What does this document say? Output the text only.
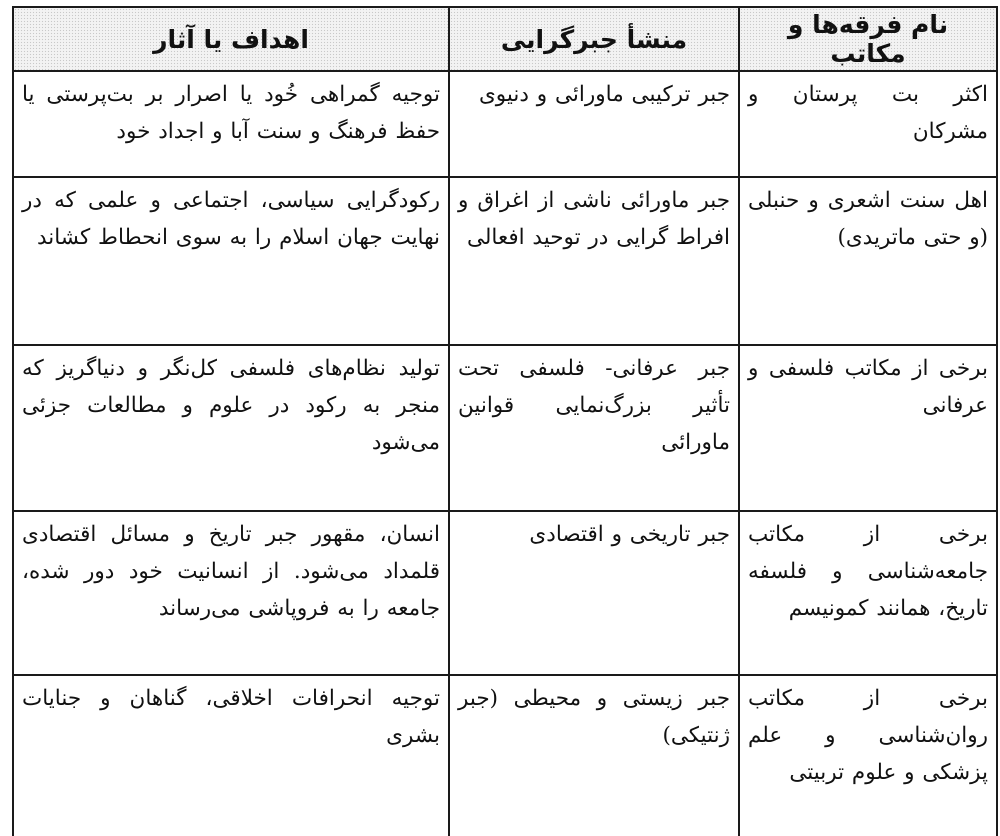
نام فرقه‌ها و مکاتب	منشأ جبرگرایی	اهداف یا آثار
اکثر بت پرستان و مشرکان	جبر ترکیبی ماورائی و دنیوی	توجیه گمراهی خُود یا اصرار بر بت‌پرستی یا حفظ فرهنگ و سنت آبا و اجداد خود
اهل سنت اشعری و حنبلی (و حتی ماتریدی)	جبر ماورائی ناشی از اغراق و افراط گرایی در توحید افعالی	رکودگرایی سیاسی، اجتماعی و علمی که در نهایت جهان اسلام را به سوی انحطاط کشاند
برخی از مکاتب فلسفی و عرفانی	جبر عرفانی- فلسفی تحت تأثیر بزرگ‌نمایی قوانین ماورائی	تولید نظام‌های فلسفی کل‌نگر و دنیاگریز که منجر به رکود در علوم و مطالعات جزئی می‌شود
برخی از مکاتب جامعه‌شناسی و فلسفه تاریخ، همانند کمونیسم	جبر تاریخی و اقتصادی	انسان، مقهور جبر تاریخ و مسائل اقتصادی قلمداد می‌شود. از انسانیت خود دور شده، جامعه را به فروپاشی می‌رساند
برخی از مکاتب روان‌شناسی و علم پزشکی و علوم تربیتی	جبر زیستی و محیطی (جبر ژنتیکی)	توجیه انحرافات اخلاقی، گناهان و جنایات بشری
